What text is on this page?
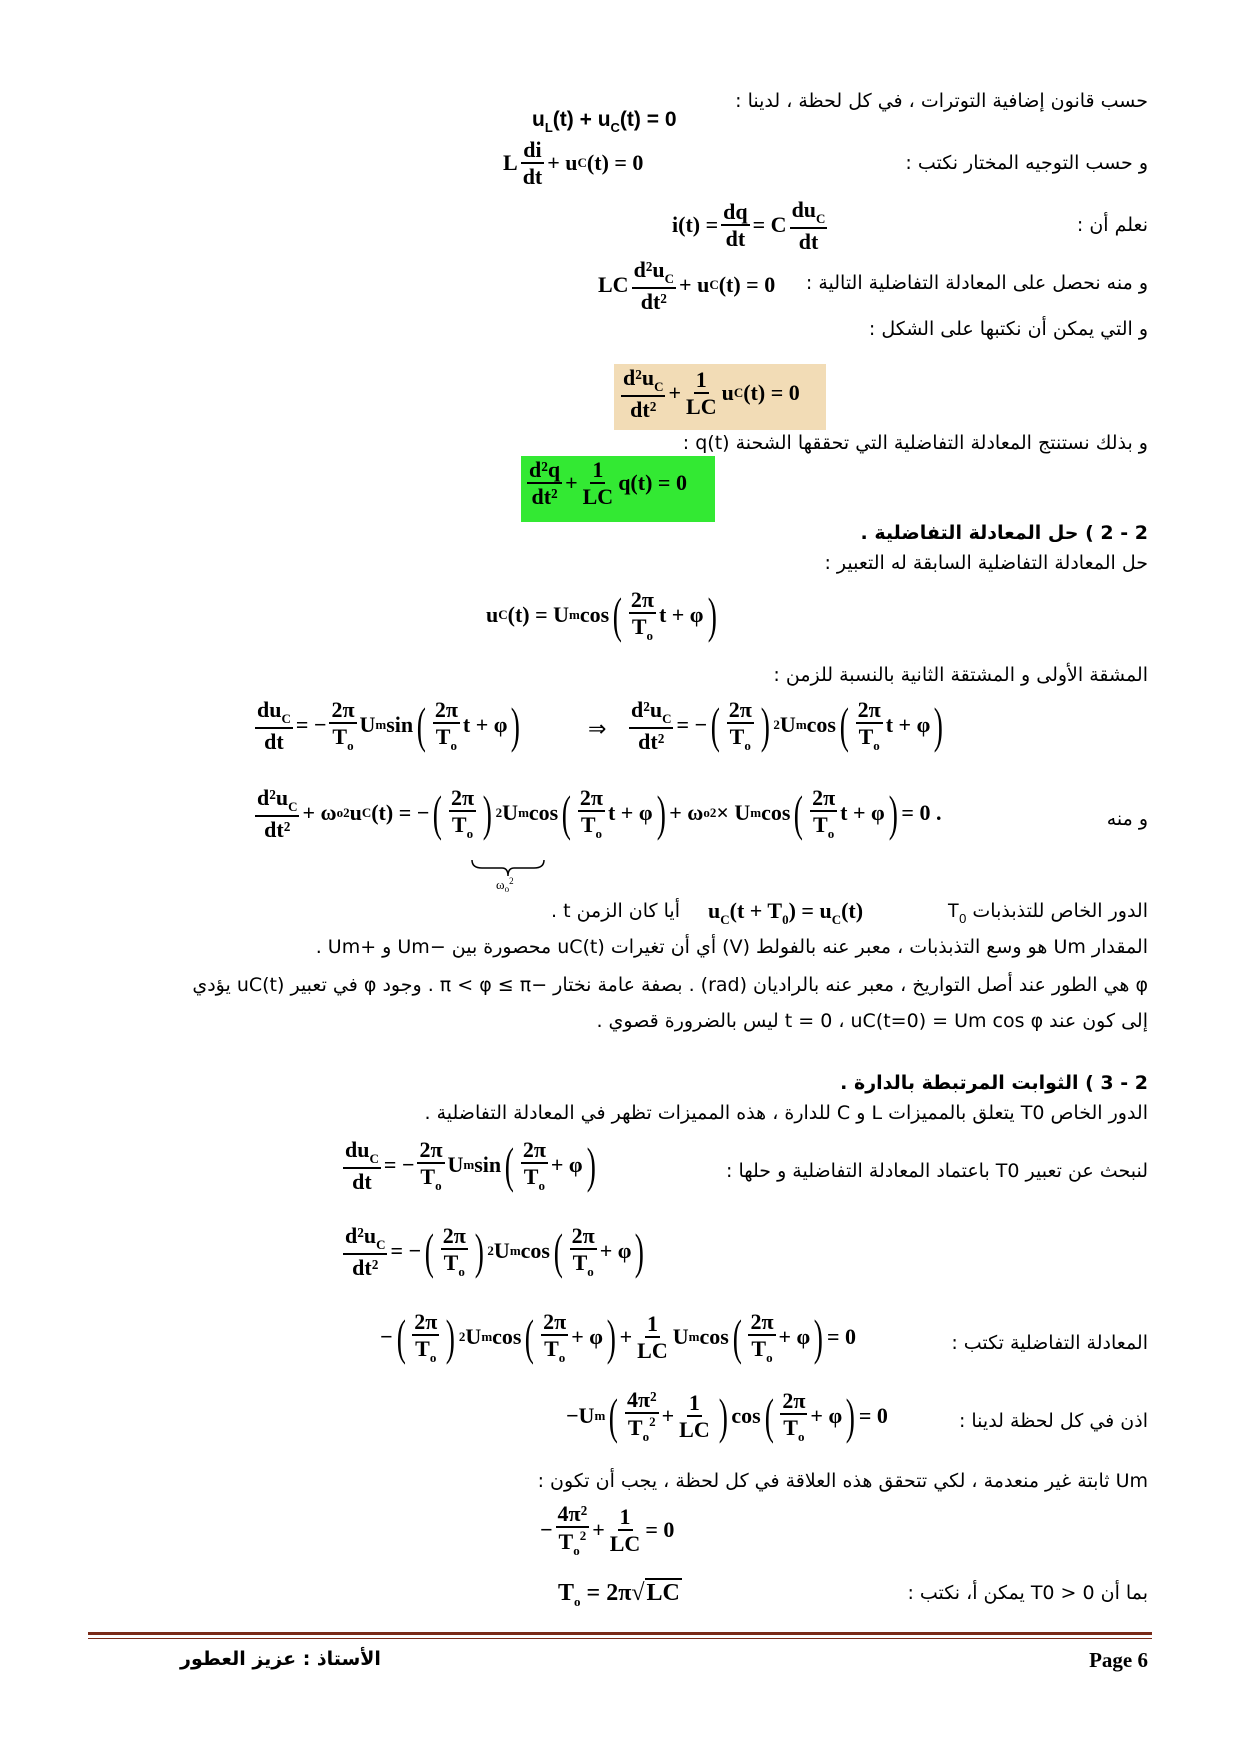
حسب قانون إضافية التوترات ، في كل لحظة ، لدينا :
$u_L(t) + u_C(t) = 0$
و حسب التوجيه المختار نكتب :
L $\frac{di}{dt} + u$ C (t) = 0
نعلم أن :
$i(t) = \frac{dq}{dt} = C \frac{du_C}{dt}$
و منه نحصل على المعادلة التفاضلية التالية :
LC $\frac{d^2u_C}{\text{dt²}} + u$ C (t) = 0
و التي يمكن أن نكتبها على الشكل :
$\frac{d^2u_C}{\text{dt²}} + \frac{1}{LC}$ u C (t) = 0
و بذلك نستنتج المعادلة التفاضلية التي تحققها الشحنة q(t) :
$\frac{\text{d²q}}{\text{dt²}} + \frac{1}{LC} q(t) = 0$
2 - 2 ) حل المعادلة التفاضلية .
حل المعادلة التفاضلية السابقة له التعبير :
u C (t) = U m cos ( $\frac{2\pi}{T_o}$ t + φ )
المشقة الأولى و المشتقة الثانية بالنسبة للزمن :
$\frac{du_C}{dt}$ = − $\frac{2\pi}{T_o}$ U m sin ( $\frac{2\pi}{T_o}$ t + φ )	⇒ $\frac{d^2u_C}{\text{dt²}}$ = − ( $\frac{2\pi}{T_o}$ ) 2 U m cos ( $\frac{2\pi}{T_o}$ t + φ )
و منه
$\frac{d^2u_C}{\text{dt²}} + \omega$ o 2 u C (t) = − ( $\frac{2\pi}{T_o}$ ) 2 U m cos ( $\frac{2\pi}{T_o}$ t + φ ) + ω o 2 × U m cos ( $\frac{2\pi}{T_o}$ t + φ ) = 0 .
$\omega_o^2$
الدور الخاص للتذبذبات $T_0$
$u_C(t + T_0) = u_C(t)$
أيا كان الزمن t .
المقدار Um هو وسع التذبذبات ، معبر عنه بالفولط (V) أي أن تغيرات uC(t) محصورة بين −Um و +Um .
φ هي الطور عند أصل التواريخ ، معبر عنه بالراديان (rad) . بصفة عامة نختار −π < φ ≤ π . وجود φ في تعبير uC(t) يؤدي
إلى كون عند t = 0 ، uC(t=0) = Um cos φ ليس بالضرورة قصوي .
2 - 3 ) الثوابت المرتبطة بالدارة .
الدور الخاص T0 يتعلق بالمميزات L و C للدارة ، هذه المميزات تظهر في المعادلة التفاضلية .
لنبحث عن تعبير T0 باعتماد المعادلة التفاضلية و حلها :
$\frac{du_C}{dt}$ = − $\frac{2\pi}{T_o}$ U m sin ( $\frac{2\pi}{T_o} + \varphi$ )
$\frac{d^2u_C}{\text{dt²}}$ = − ( $\frac{2\pi}{T_o}$ ) 2 U m cos ( $\frac{2\pi}{T_o} + \varphi$ )
المعادلة التفاضلية تكتب :
− ( $\frac{2\pi}{T_o}$ ) 2 U m cos ( $\frac{2\pi}{T_o} + \varphi$ ) + $\frac{1}{LC}$ U m cos ( $\frac{2\pi}{T_o} + \varphi$ ) = 0
اذن في كل لحظة لدينا :
−U m ( $\frac{\text{4π²}}{T_o^2} + \frac{1}{LC}$ ) cos ( $\frac{2\pi}{T_o} + \varphi$ ) = 0
Um ثابتة غير منعدمة ، لكي تتحقق هذه العلاقة في كل لحظة ، يجب أن تكون :
− $\frac{\text{4π²}}{T_o^2} + \frac{1}{LC} = 0$
بما أن T0 > 0 يمكن أ، نكتب :
$T_o = 2\pi√LC$
Page 6
الأستاذ : عزيز العطور
